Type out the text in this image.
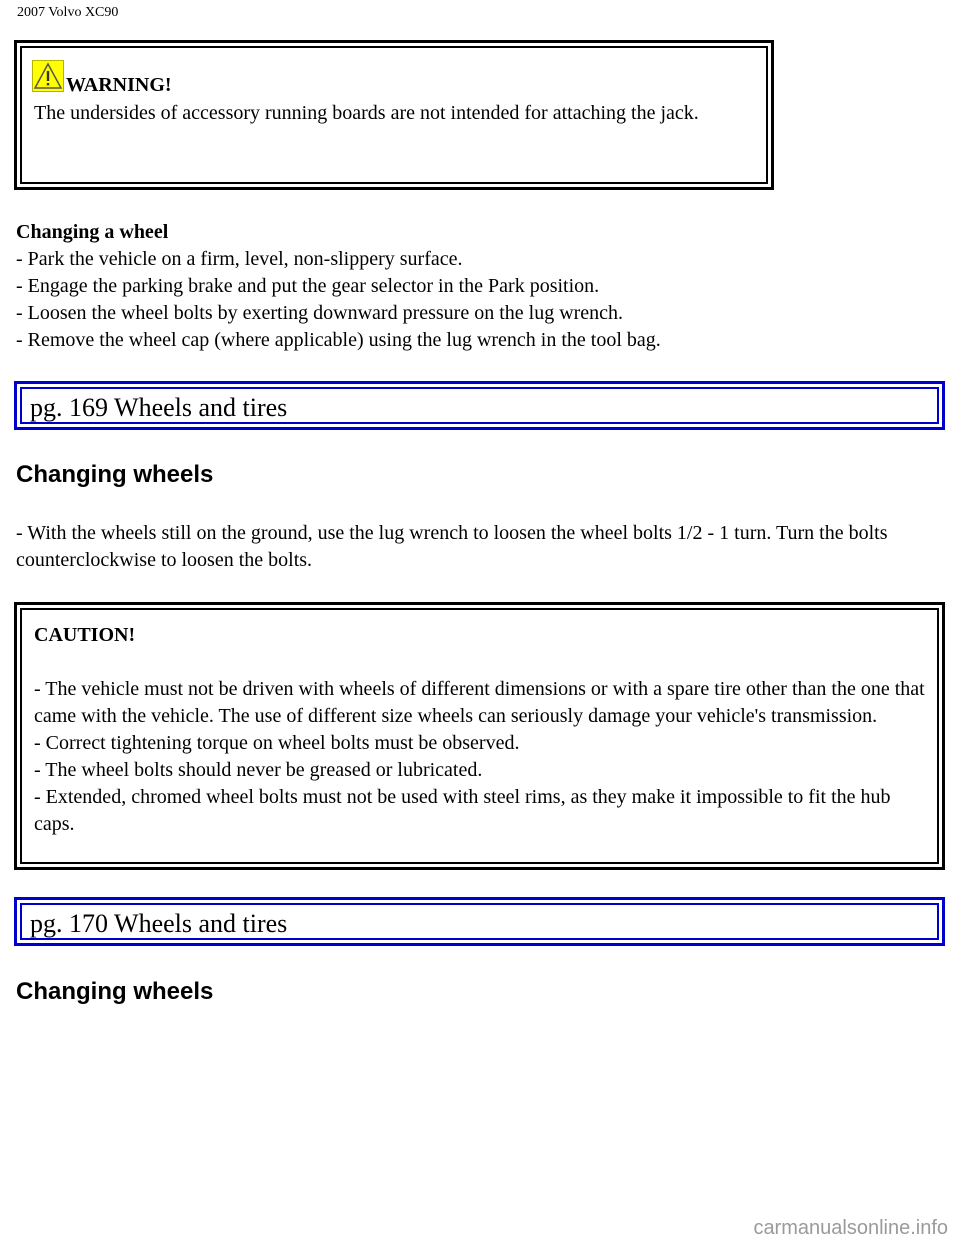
2007 Volvo XC90
WARNING!
The undersides of accessory running boards are not intended for attaching the jack.
Changing a wheel
- Park the vehicle on a firm, level, non-slippery surface.
- Engage the parking brake and put the gear selector in the Park position.
- Loosen the wheel bolts by exerting downward pressure on the lug wrench.
- Remove the wheel cap (where applicable) using the lug wrench in the tool bag.
pg. 169 Wheels and tires
Changing wheels
- With the wheels still on the ground, use the lug wrench to loosen the wheel bolts 1/2 - 1 turn. Turn the bolts counterclockwise to loosen the bolts.
CAUTION!
- The vehicle must not be driven with wheels of different dimensions or with a spare tire other than the one that came with the vehicle. The use of different size wheels can seriously damage your vehicle's transmission.
- Correct tightening torque on wheel bolts must be observed.
- The wheel bolts should never be greased or lubricated.
- Extended, chromed wheel bolts must not be used with steel rims, as they make it impossible to fit the hub caps.
pg. 170 Wheels and tires
Changing wheels
carmanualsonline.info
